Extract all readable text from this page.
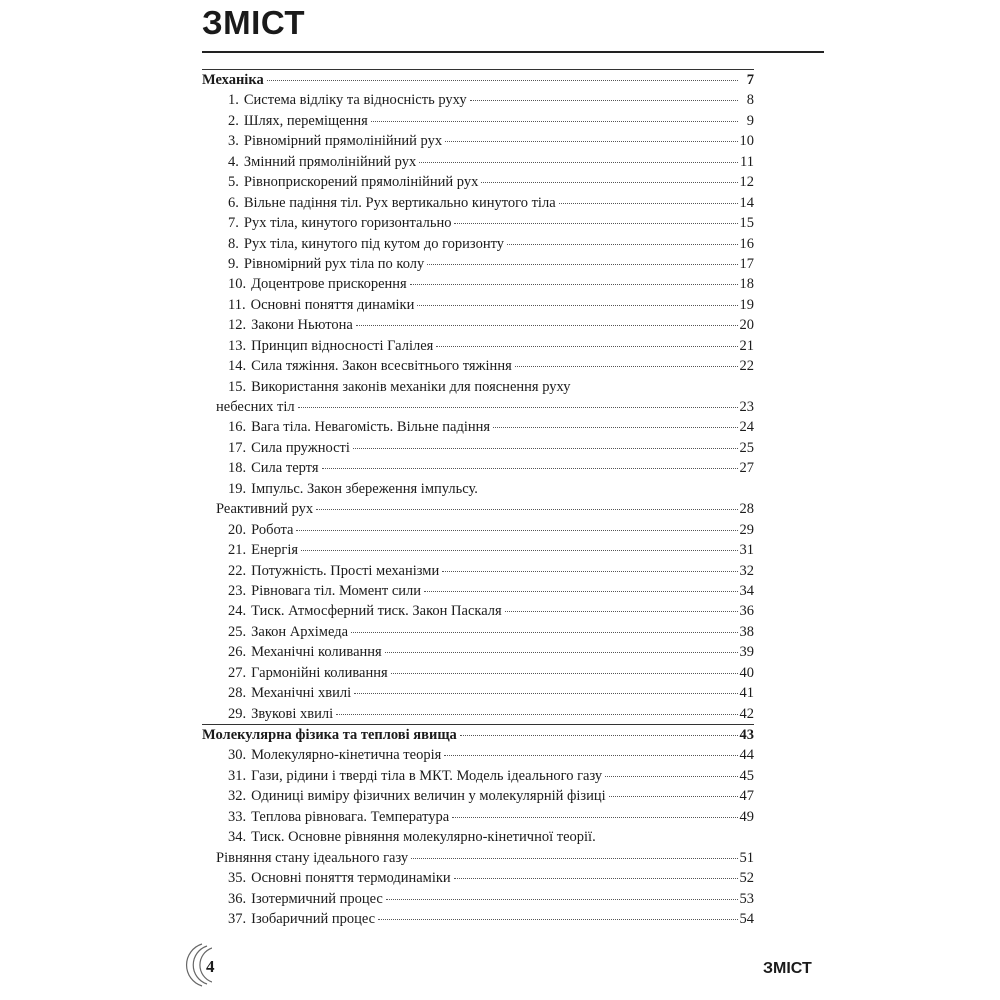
ЗМІСТ
Механіка	7
1. Система відліку та відносність руху	8
2. Шлях, переміщення	9
3. Рівномірний прямолінійний рух	10
4. Змінний прямолінійний рух	11
5. Рівноприскорений прямолінійний рух	12
6. Вільне падіння тіл. Рух вертикально кинутого тіла	14
7. Рух тіла, кинутого горизонтально	15
8. Рух тіла, кинутого під кутом до горизонту	16
9. Рівномірний рух тіла по колу	17
10. Доцентрове прискорення	18
11. Основні поняття динаміки	19
12. Закони Ньютона	20
13. Принцип відносності Галілея	21
14. Сила тяжіння. Закон всесвітнього тяжіння	22
15. Використання законів механіки для пояснення руху
небесних тіл	23
16. Вага тіла. Невагомість. Вільне падіння	24
17. Сила пружності	25
18. Сила тертя	27
19. Імпульс. Закон збереження імпульсу.
Реактивний рух	28
20. Робота	29
21. Енергія	31
22. Потужність. Прості механізми	32
23. Рівновага тіл. Момент сили	34
24. Тиск. Атмосферний тиск. Закон Паскаля	36
25. Закон Архімеда	38
26. Механічні коливання	39
27. Гармонійні коливання	40
28. Механічні хвилі	41
29. Звукові хвилі	42
Молекулярна фізика та теплові явища	43
30. Молекулярно-кінетична теорія	44
31. Гази, рідини і тверді тіла в МКТ. Модель ідеального газу	45
32. Одиниці виміру фізичних величин у молекулярній фізиці	47
33. Теплова рівновага. Температура	49
34. Тиск. Основне рівняння молекулярно-кінетичної теорії.
Рівняння стану ідеального газу	51
35. Основні поняття термодинаміки	52
36. Ізотермичний процес	53
37. Ізобаричний процес	54
4	ЗМІСТ
